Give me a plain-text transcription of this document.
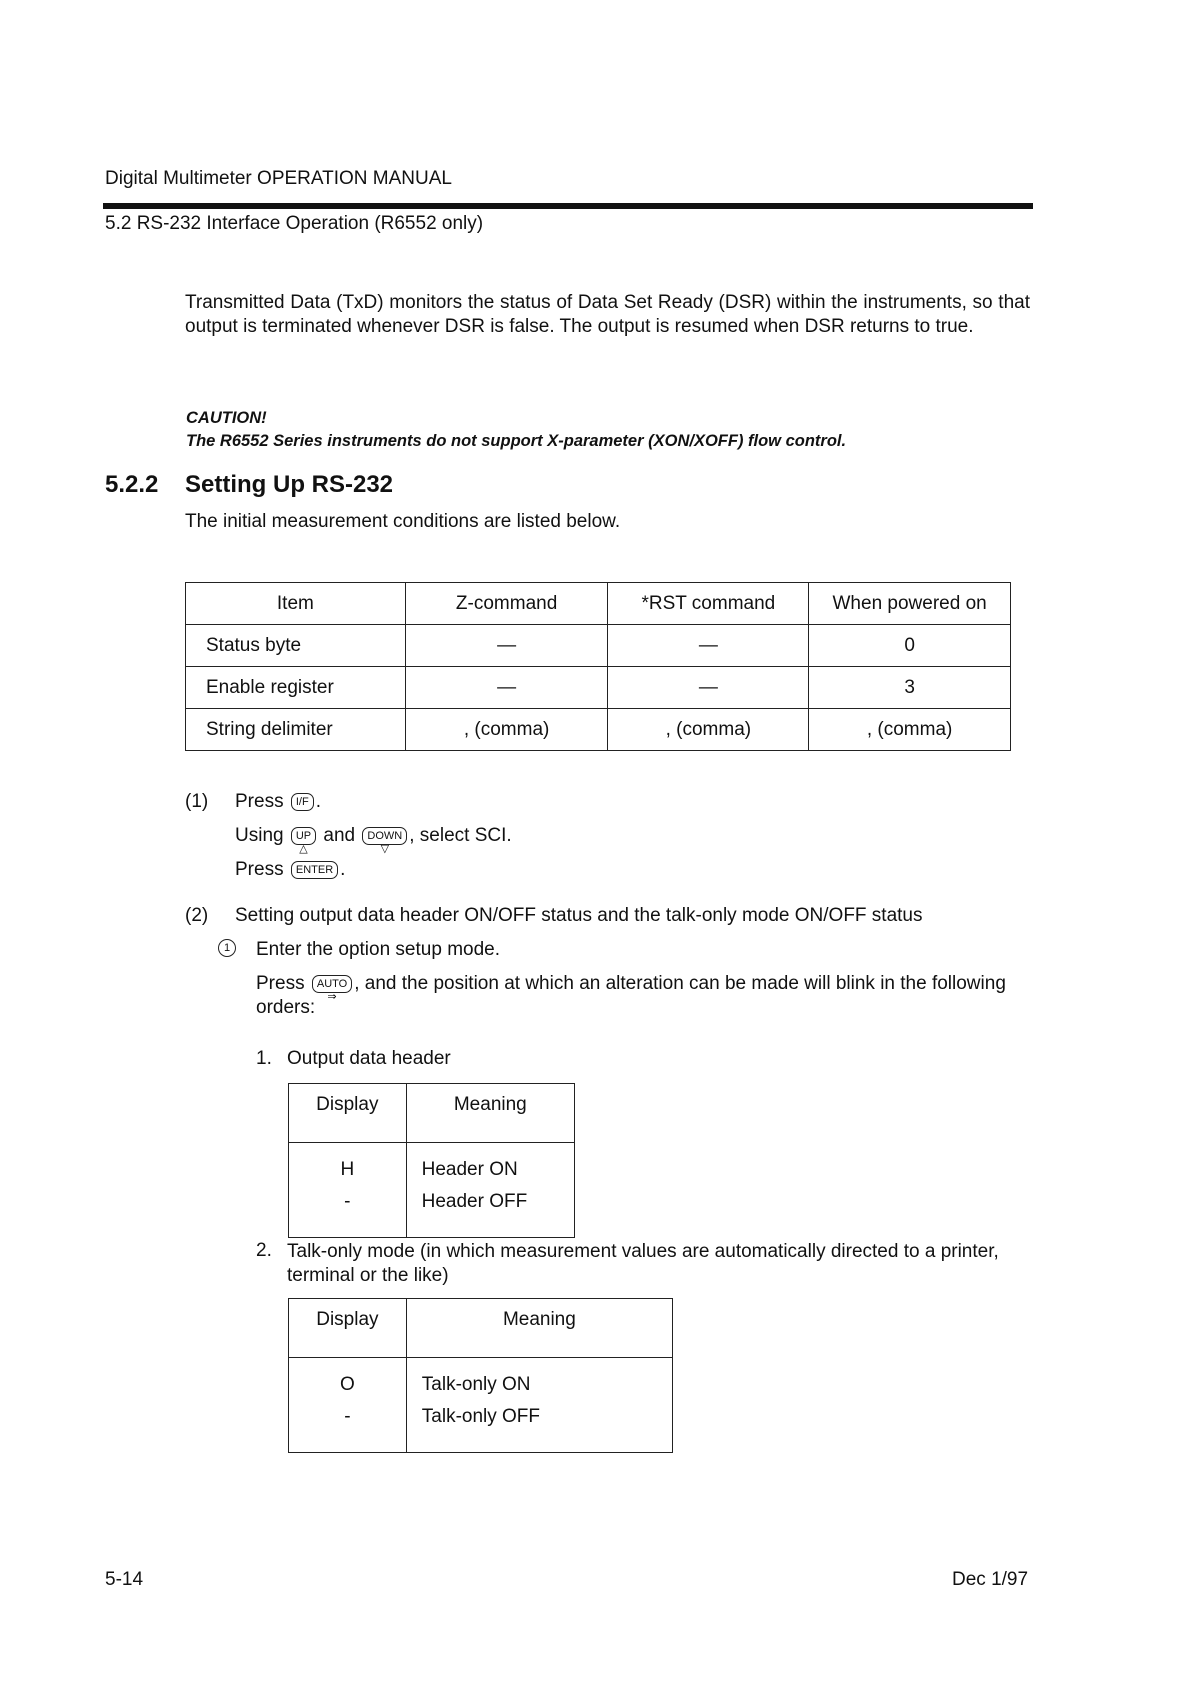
Digital Multimeter OPERATION MANUAL
5.2 RS-232 Interface Operation (R6552 only)
Transmitted Data (TxD) monitors the status of Data Set Ready (DSR) within the instruments, so that output is terminated whenever DSR is false. The output is resumed when DSR returns to true.
CAUTION!
The R6552 Series instruments do not support X-parameter (XON/XOFF) flow control.
5.2.2 Setting Up RS-232
The initial measurement conditions are listed below.
Item	Z-command	*RST command	When powered on
Status byte	—	—	0
Enable register	—	—	3
String delimiter	, (comma)	, (comma)	, (comma)
(1) Press I/F .
Using UP
△
and DOWN
▽
, select SCI.
Press ENTER .
(2) Setting output data header ON/OFF status and the talk-only mode ON/OFF status
1	Enter the option setup mode.
Press AUTO
⇒
, and the position at which an alteration can be made will blink in the following orders:
1. Output data header
Display	Meaning
H	Header ON
-	Header OFF
2. Talk-only mode (in which measurement values are automatically directed to a printer, terminal or the like)
Display	Meaning
O	Talk-only ON
-	Talk-only OFF
5-14	Dec 1/97
